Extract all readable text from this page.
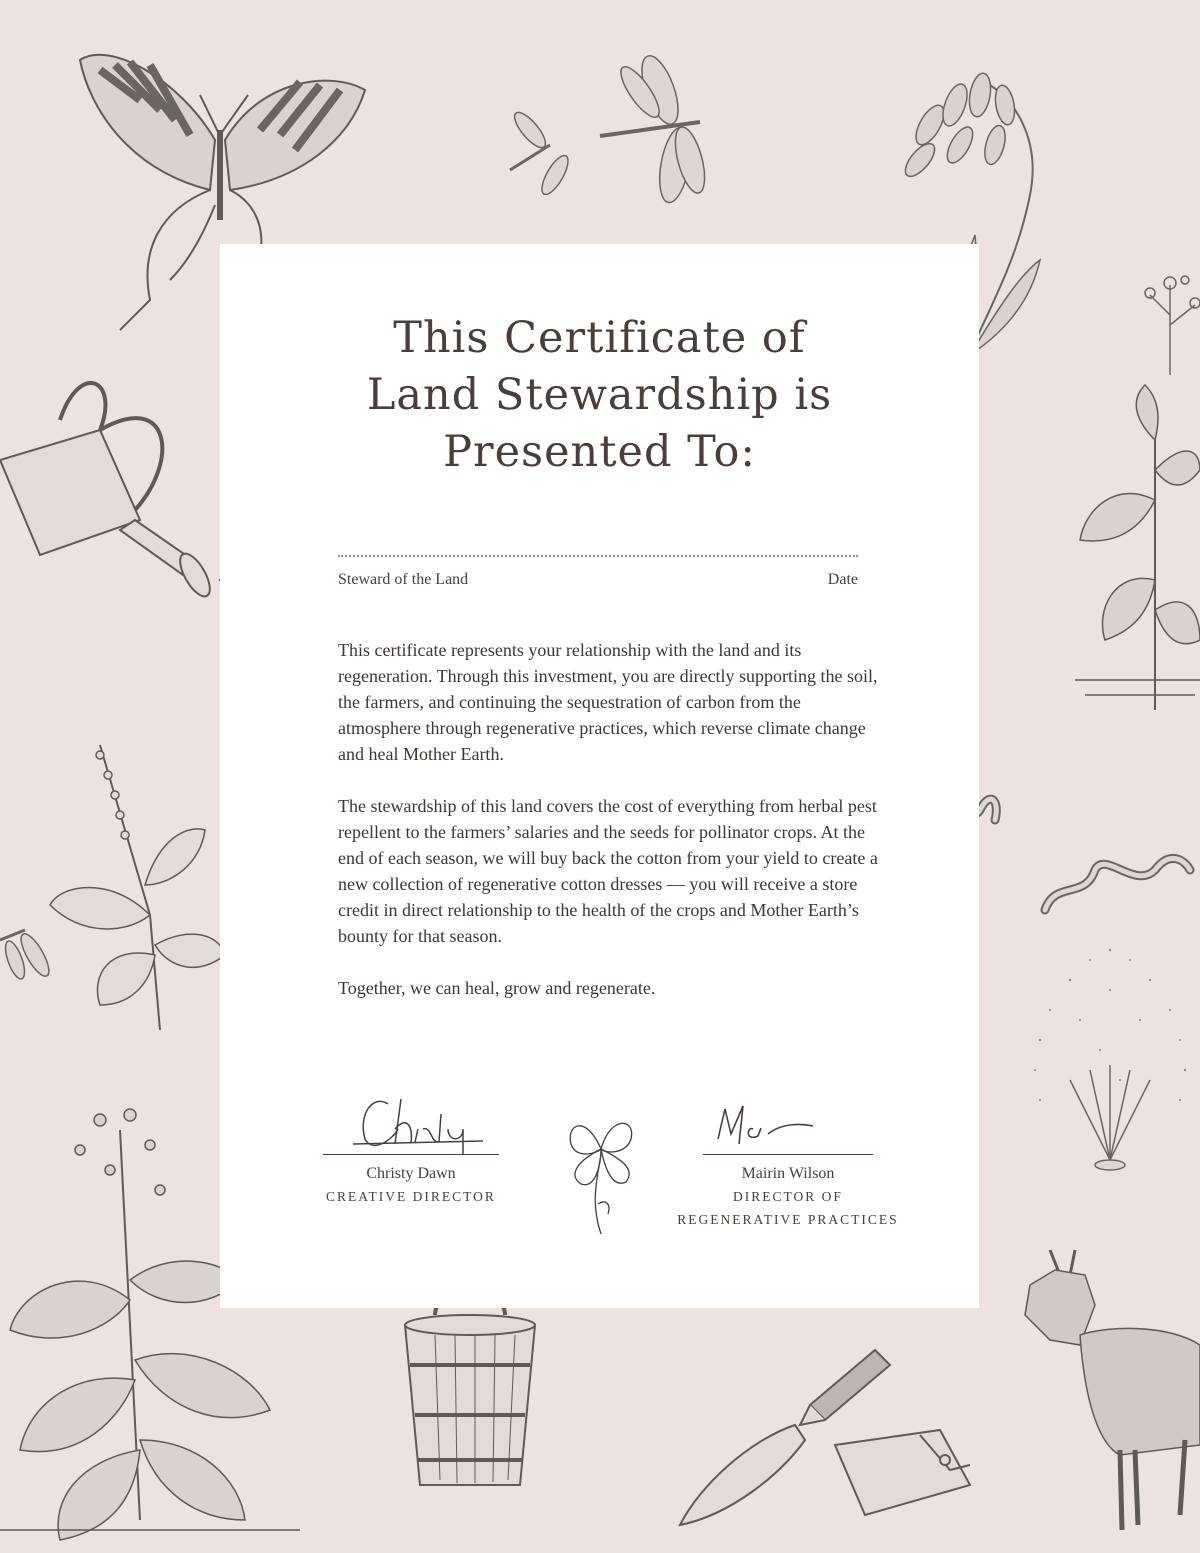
This Certificate of
Land Stewardship is
Presented To:
Steward of the Land	Date

This certificate represents your relationship with the land and its regeneration. Through this investment, you are directly supporting the soil, the farmers, and continuing the sequestration of carbon from the atmosphere through regenerative practices, which reverse climate change and heal Mother Earth.

The stewardship of this land covers the cost of everything from herbal pest repellent to the farmers’ salaries and the seeds for pollinator crops. At the end of each season, we will buy back the cotton from your yield to create a new collection of regenerative cotton dresses — you will receive a store credit in direct relationship to the health of the crops and Mother Earth’s bounty for that season.

Together, we can heal, grow and regenerate.

Christy Dawn
CREATIVE DIRECTOR
Mairin Wilson
DIRECTOR OF
REGENERATIVE PRACTICES
